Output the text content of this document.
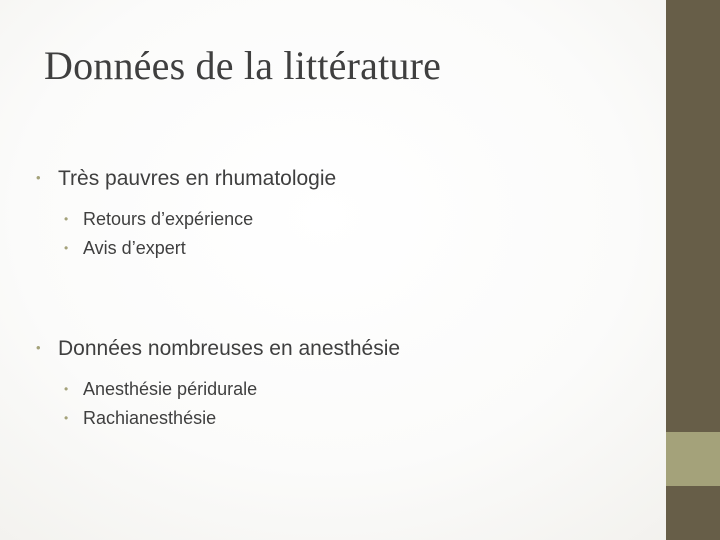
Données de la littérature
• Très pauvres en rhumatologie
• Retours d’expérience
• Avis d’expert
• Données nombreuses en anesthésie
• Anesthésie péridurale
• Rachianesthésie
